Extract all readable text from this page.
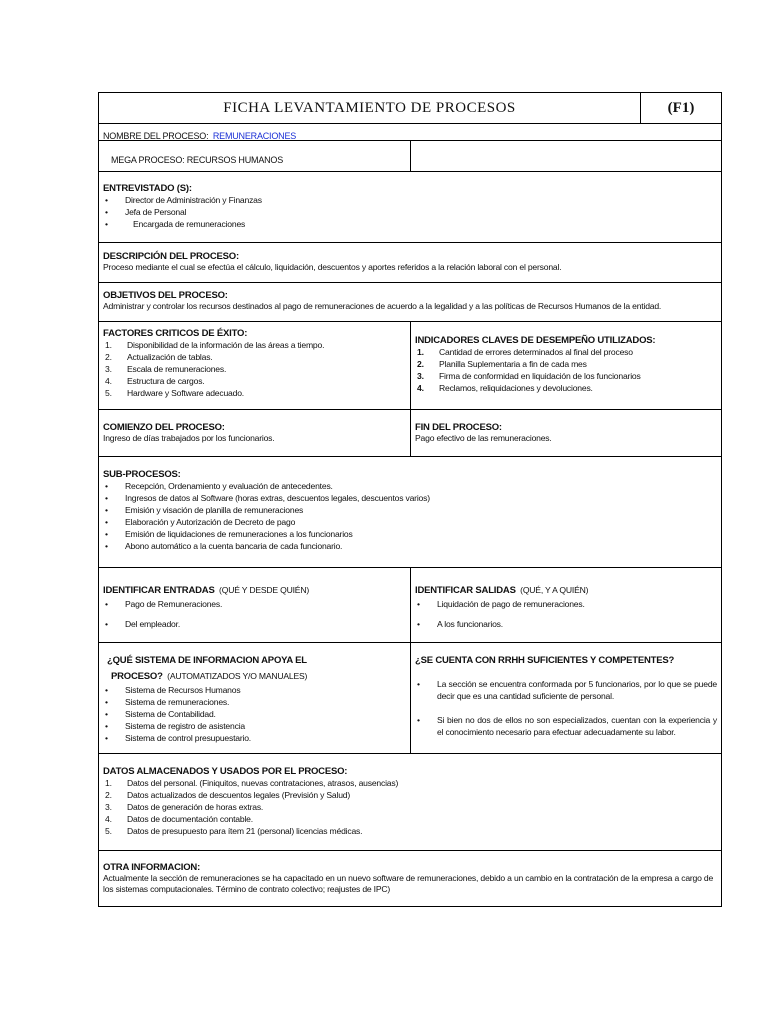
FICHA LEVANTAMIENTO DE PROCESOS	(F1)
NOMBRE DEL PROCESO: REMUNERACIONES
MEGA PROCESO: RECURSOS HUMANOS
ENTREVISTADO (S):
•	Director de Administración y Finanzas
•	Jefa de Personal
•	Encargada de remuneraciones
DESCRIPCIÓN DEL PROCESO:
Proceso mediante el cual se efectúa el cálculo, liquidación, descuentos y aportes referidos a la relación laboral con el personal.
OBJETIVOS DEL PROCESO:
Administrar y controlar los recursos destinados al pago de remuneraciones de acuerdo a la legalidad y a las políticas de Recursos Humanos de la entidad.
FACTORES CRITICOS DE ÉXITO:
1.	Disponibilidad de la información de las áreas a tiempo.
2.	Actualización de tablas.
3.	Escala de remuneraciones.
4.	Estructura de cargos.
5.	Hardware y Software adecuado.
INDICADORES CLAVES DE DESEMPEÑO UTILIZADOS:
1.	Cantidad de errores determinados al final del proceso
2.	Planilla Suplementaria a fin de cada mes
3.	Firma de conformidad en liquidación de los funcionarios
4.	Reclamos, reliquidaciones y devoluciones.
COMIENZO DEL PROCESO:
Ingreso de días trabajados por los funcionarios.
FIN DEL PROCESO:
Pago efectivo de las remuneraciones.
SUB-PROCESOS:
•	Recepción, Ordenamiento y evaluación de antecedentes.
•	Ingresos de datos al Software (horas extras, descuentos legales, descuentos varios)
•	Emisión y visación de planilla de remuneraciones
•	Elaboración y Autorización de Decreto de pago
•	Emisión de liquidaciones de remuneraciones a los funcionarios
•	Abono automático a la cuenta bancaria de cada funcionario.
IDENTIFICAR ENTRADAS (QUÉ Y DESDE QUIÉN)
•	Pago de Remuneraciones.
•	Del empleador.
IDENTIFICAR SALIDAS (QUÉ, Y A QUIÉN)
•	Liquidación de pago de remuneraciones.
•	A los funcionarios.
¿QUÉ SISTEMA DE INFORMACION APOYA EL
PROCESO? (AUTOMATIZADOS Y/O MANUALES)
•	Sistema de Recursos Humanos
•	Sistema de remuneraciones.
•	Sistema de Contabilidad.
•	Sistema de registro de asistencia
•	Sistema de control presupuestario.
¿SE CUENTA CON RRHH SUFICIENTES Y COMPETENTES?
•	La sección se encuentra conformada por 5 funcionarios, por lo que se puede decir que es una cantidad suficiente de personal.
•	Si bien no dos de ellos no son especializados, cuentan con la experiencia y el conocimiento necesario para efectuar adecuadamente su labor.
DATOS ALMACENADOS Y USADOS POR EL PROCESO:
1.	Datos del personal. (Finiquitos, nuevas contrataciones, atrasos, ausencias)
2.	Datos actualizados de descuentos legales (Previsión y Salud)
3.	Datos de generación de horas extras.
4.	Datos de documentación contable.
5.	Datos de presupuesto para ítem 21 (personal) licencias médicas.
OTRA INFORMACION:
Actualmente la sección de remuneraciones se ha capacitado en un nuevo software de remuneraciones, debido a un cambio en la contratación de la empresa a cargo de los sistemas computacionales. Término de contrato colectivo; reajustes de IPC)
